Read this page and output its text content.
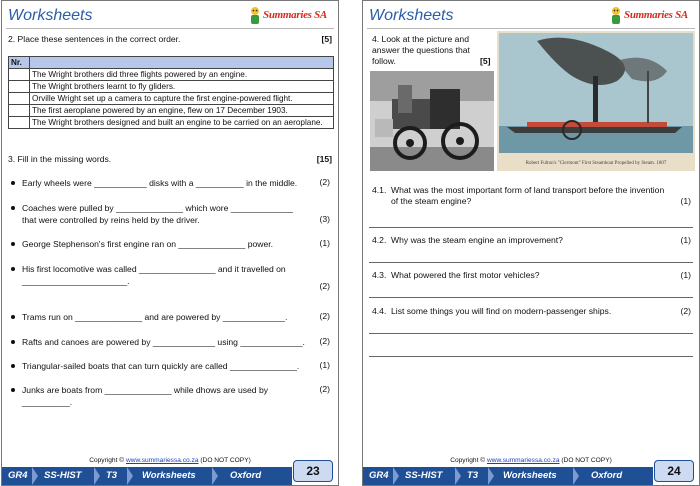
Worksheets	Summaries SA
2. Place these sentences in the correct order.	[5]
Nr.	
	The Wright brothers did three flights powered by an engine.
	The Wright brothers learnt to fly gliders.
	Orville Wright set up a camera to capture the first engine-powered flight.
	The first aeroplane powered by an engine, flew on 17 December 1903.
	The Wright brothers designed and built an engine to be carried on an aeroplane.
3. Fill in the missing words.	[15]
Early wheels were ___________ disks with a __________ in the middle.	(2)
Coaches were pulled by ______________ which wore _____________ that were controlled by reins held by the driver.	(3)
George Stephenson's first engine ran on ______________ power.	(1)
His first locomotive was called ________________ and it travelled on ______________________.	(2)
Trams run on ______________ and are powered by _____________.	(2)
Rafts and canoes are powered by _____________ using _____________. (2)
Triangular-sailed boats that can turn quickly are called ______________.	(1)
Junks are boats from ______________ while dhows are used by __________.
(2)
Copyright © www.summariessa.co.za (DO NOT COPY)
GR4 SS-HIST	T3	Worksheets	Oxford	23
Worksheets	Summaries SA
4. Look at the picture and answer the questions that follow.	[5]
Robert Fulton's "Clermont" First Steamboat Propelled by Steam. 1807
4.1. What was the most important form of land transport before the invention of the steam engine?	(1)
4.2. Why was the steam engine an improvement?	(1)
4.3. What powered the first motor vehicles?	(1)
4.4. List some things you will find on modern-passenger ships.	(2)
Copyright © www.summariessa.co.za (DO NOT COPY)
GR4 SS-HIST	T3	Worksheets	Oxford	24
